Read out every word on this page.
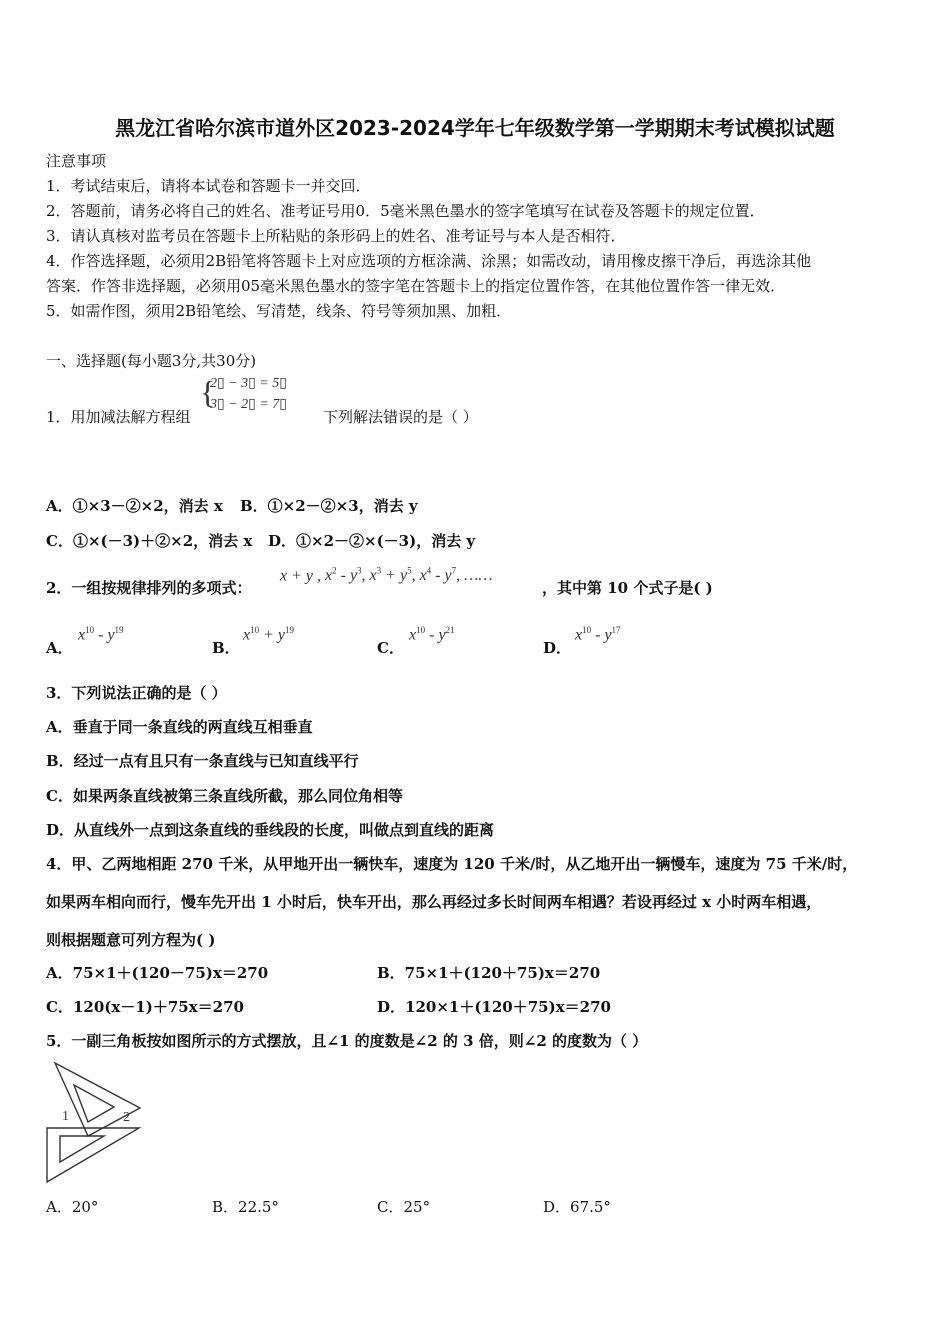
黑龙江省哈尔滨市道外区2023-2024学年七年级数学第一学期期末考试模拟试题
注意事项
1．考试结束后，请将本试卷和答题卡一并交回．
2．答题前，请务必将自己的姓名、准考证号用0．5毫米黑色墨水的签字笔填写在试卷及答题卡的规定位置．
3．请认真核对监考员在答题卡上所粘贴的条形码上的姓名、准考证号与本人是否相符．
4．作答选择题，必须用2B铅笔将答题卡上对应选项的方框涂满、涂黑；如需改动，请用橡皮擦干净后，再选涂其他
答案．作答非选择题，必须用05毫米黑色墨水的签字笔在答题卡上的指定位置作答，在其他位置作答一律无效．
5．如需作图，须用2B铅笔绘、写清楚，线条、符号等须加黑、加粗．
一、选择题(每小题3分,共30分)
1．用加减法解方程组
{
2▯ − 3▯ = 5▯
3▯ − 2▯ = 7▯
下列解法错误的是（ ）
A．①×3－②×2，消去 x B．①×2－②×3，消去 y
C．①×(－3)＋②×2，消去 x D．①×2－②×(－3)，消去 y
2．一组按规律排列的多项式：
x + y , $x^2 - y^3$, $x^3 + y^5$, $x^4 - y^7$, ……
，其中第 10 个式子是( )
A．
$x^{10} - y^{19}$
B．
$x^{10} + y^{19}$
C．
$x^{10} - y^{21}$
D．
$x^{10} - y^{17}$
3．下列说法正确的是（ ）
A．垂直于同一条直线的两直线互相垂直
B．经过一点有且只有一条直线与已知直线平行
C．如果两条直线被第三条直线所截，那么同位角相等
D．从直线外一点到这条直线的垂线段的长度，叫做点到直线的距离
4．甲、乙两地相距 270 千米，从甲地开出一辆快车，速度为 120 千米/时，从乙地开出一辆慢车，速度为 75 千米/时，
如果两车相向而行，慢车先开出 1 小时后，快车开出，那么再经过多长时间两车相遇？若设再经过 x 小时两车相遇，
则根据题意可列方程为( )
A．75×1＋(120－75)x＝270	B．75×1＋(120＋75)x＝270
C．120(x－1)＋75x＝270	D．120×1＋(120＋75)x＝270
5．一副三角板按如图所示的方式摆放，且∠1 的度数是∠2 的 3 倍，则∠2 的度数为（ ）
1	2
A．20°	B．22.5°	C．25°	D．67.5°
